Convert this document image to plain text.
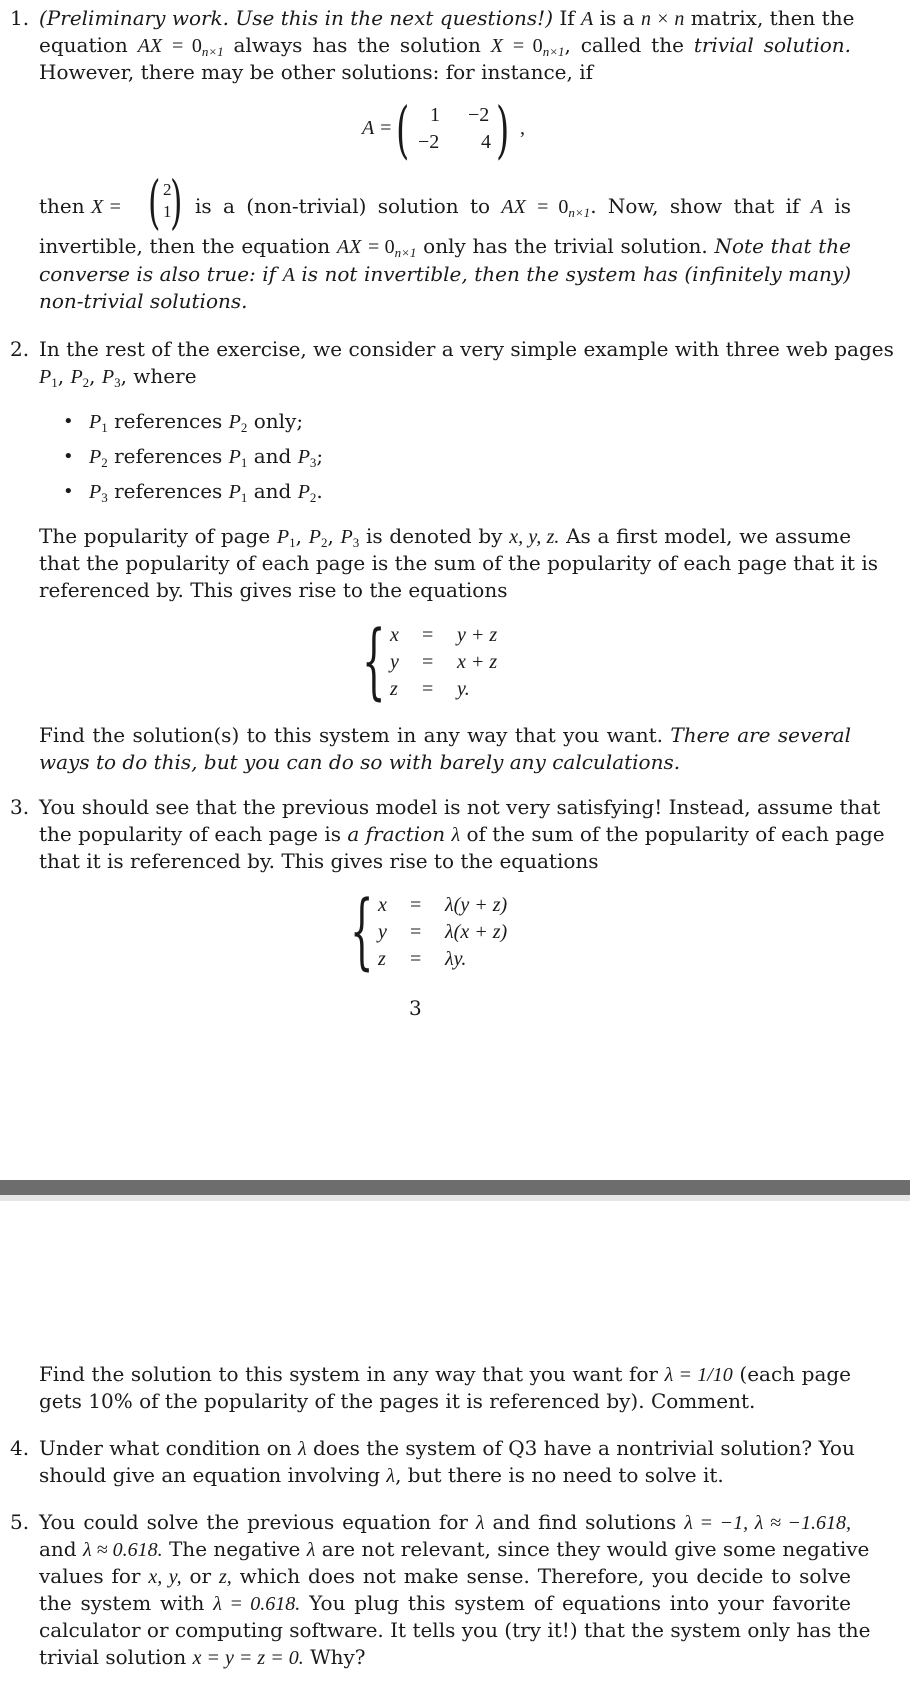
1. (Preliminary work. Use this in the next questions!) If A is a n × n matrix, then the
equation AX = $0_{n\times 1}$ always has the solution $X = 0_{n\times 1}$, called the trivial solution.
However, there may be other solutions: for instance, if
A = ( 1 −2
−2 4 ) ,
then X = ( 2
1
) is a (non-trivial) solution to AX = $0_{n\times 1}$. Now, show that if A is
invertible, then the equation AX = $0_{n\times 1}$ only has the trivial solution. Note that the
converse is also true: if A is not invertible, then the system has (infinitely many)
non-trivial solutions.
2. In the rest of the exercise, we consider a very simple example with three web pages
$P_1$, $P_2$, $P_3$, where
• $P_1$ references $P_2$ only;
• $P_2$ references $P_1$ and $P_3$;
• $P_3$ references $P_1$ and $P_2$.
The popularity of page $P_1$, $P_2$, $P_3$ is denoted by x, y, z. As a first model, we assume
that the popularity of each page is the sum of the popularity of each page that it is
referenced by. This gives rise to the equations
{ x = y + z
y = x + z
z = y.
Find the solution(s) to this system in any way that you want. There are several
ways to do this, but you can do so with barely any calculations.
3. You should see that the previous model is not very satisfying! Instead, assume that
the popularity of each page is a fraction λ of the sum of the popularity of each page
that it is referenced by. This gives rise to the equations
{ x = λ(y + z)
y = λ(x + z)
z = λy.
3
Find the solution to this system in any way that you want for λ = 1/10 (each page
gets 10% of the popularity of the pages it is referenced by). Comment.
4. Under what condition on λ does the system of Q3 have a nontrivial solution? You
should give an equation involving λ, but there is no need to solve it.
5. You could solve the previous equation for λ and find solutions λ = −1, λ ≈ −1.618,
and λ ≈ 0.618. The negative λ are not relevant, since they would give some negative
values for x, y, or z, which does not make sense. Therefore, you decide to solve
the system with λ = 0.618. You plug this system of equations into your favorite
calculator or computing software. It tells you (try it!) that the system only has the
trivial solution x = y = z = 0. Why?
